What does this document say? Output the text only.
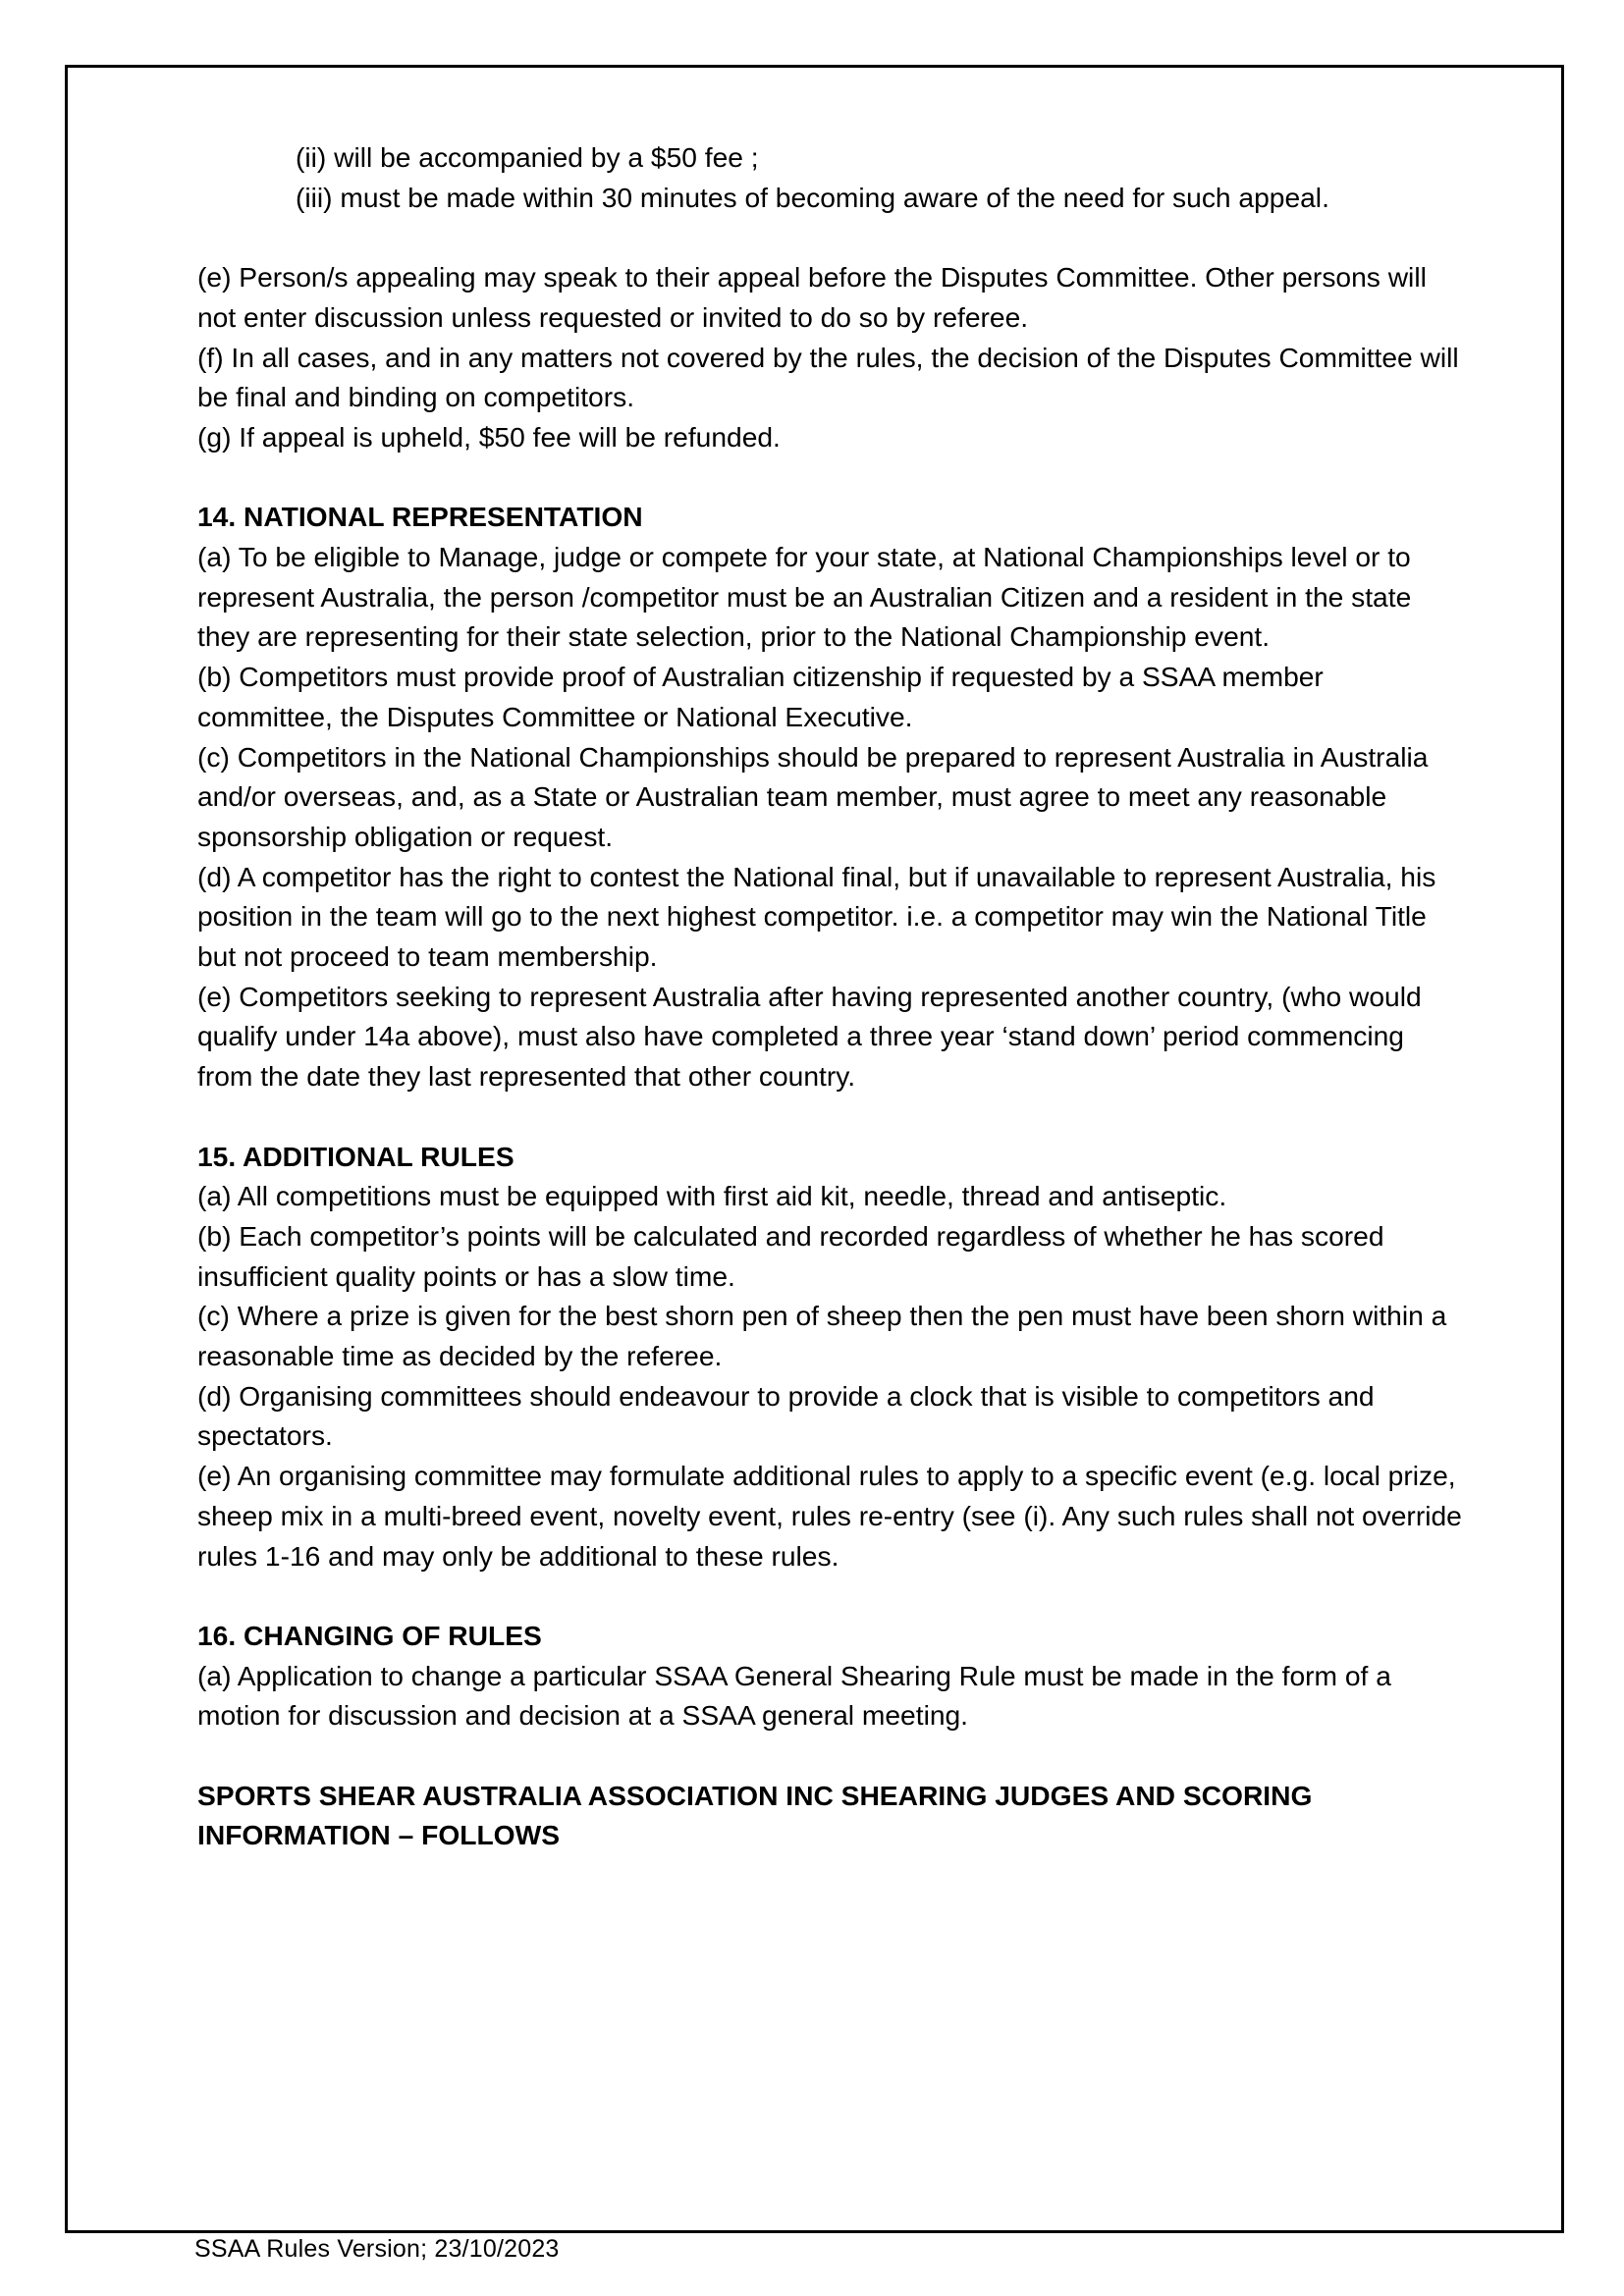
(ii) will be accompanied by a $50 fee ;

(iii) must be made within 30 minutes of becoming aware of the need for such appeal.

(e) Person/s appealing may speak to their appeal before the Disputes Committee. Other persons will not enter discussion unless requested or invited to do so by referee.

(f) In all cases, and in any matters not covered by the rules, the decision of the Disputes Committee will be final and binding on competitors.

(g) If appeal is upheld, $50 fee will be refunded.

14. NATIONAL REPRESENTATION

(a) To be eligible to Manage, judge or compete for your state, at National Championships level or to represent Australia, the person /competitor must be an Australian Citizen and a resident in the state they are representing for their state selection, prior to the National Championship event.

(b) Competitors must provide proof of Australian citizenship if requested by a SSAA member committee, the Disputes Committee or National Executive.

(c) Competitors in the National Championships should be prepared to represent Australia in Australia and/or overseas, and, as a State or Australian team member, must agree to meet any reasonable sponsorship obligation or request.

(d) A competitor has the right to contest the National final, but if unavailable to represent Australia, his position in the team will go to the next highest competitor. i.e. a competitor may win the National Title but not proceed to team membership.

(e) Competitors seeking to represent Australia after having represented another country, (who would qualify under 14a above), must also have completed a three year ‘stand down’ period commencing from the date they last represented that other country.

15. ADDITIONAL RULES

(a) All competitions must be equipped with first aid kit, needle, thread and antiseptic.

(b) Each competitor’s points will be calculated and recorded regardless of whether he has scored insufficient quality points or has a slow time.

(c) Where a prize is given for the best shorn pen of sheep then the pen must have been shorn within a reasonable time as decided by the referee.

(d) Organising committees should endeavour to provide a clock that is visible to competitors and spectators.

(e) An organising committee may formulate additional rules to apply to a specific event (e.g. local prize, sheep mix in a multi-breed event, novelty event, rules re-entry (see (i). Any such rules shall not override rules 1-16 and may only be additional to these rules.

16. CHANGING OF RULES

(a) Application to change a particular SSAA General Shearing Rule must be made in the form of a motion for discussion and decision at a SSAA general meeting.

SPORTS SHEAR AUSTRALIA ASSOCIATION INC SHEARING JUDGES AND SCORING INFORMATION – FOLLOWS

SSAA Rules Version; 23/10/2023
